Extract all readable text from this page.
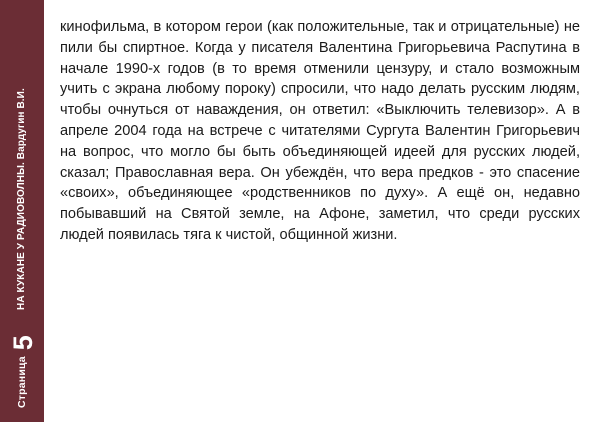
Страница5
НА КУКАНЕ У РАДИОВОЛНЫ. Вардугин В.И.

кинофильма, в котором герои (как положительные, так и отрицательные) не пили бы спиртное. Когда у писателя Валентина Григорьевича Распутина в начале 1990-х годов (в то время отменили цензуру, и стало возможным учить с экрана любому пороку) спросили, что надо делать русским людям, чтобы очнуться от наваждения, он ответил: «Выключить телевизор». А в апреле 2004 года на встрече с читателями Сургута Валентин Григорьевич на вопрос, что могло бы быть объединяющей идеей для русских людей, сказал; Православная вера. Он убеждён, что вера предков - это спасение «своих», объединяющее «родственников по духу». А ещё он, недавно побывавший на Святой земле, на Афоне, заметил, что среди русских людей появилась тяга к чистой, общинной жизни.
